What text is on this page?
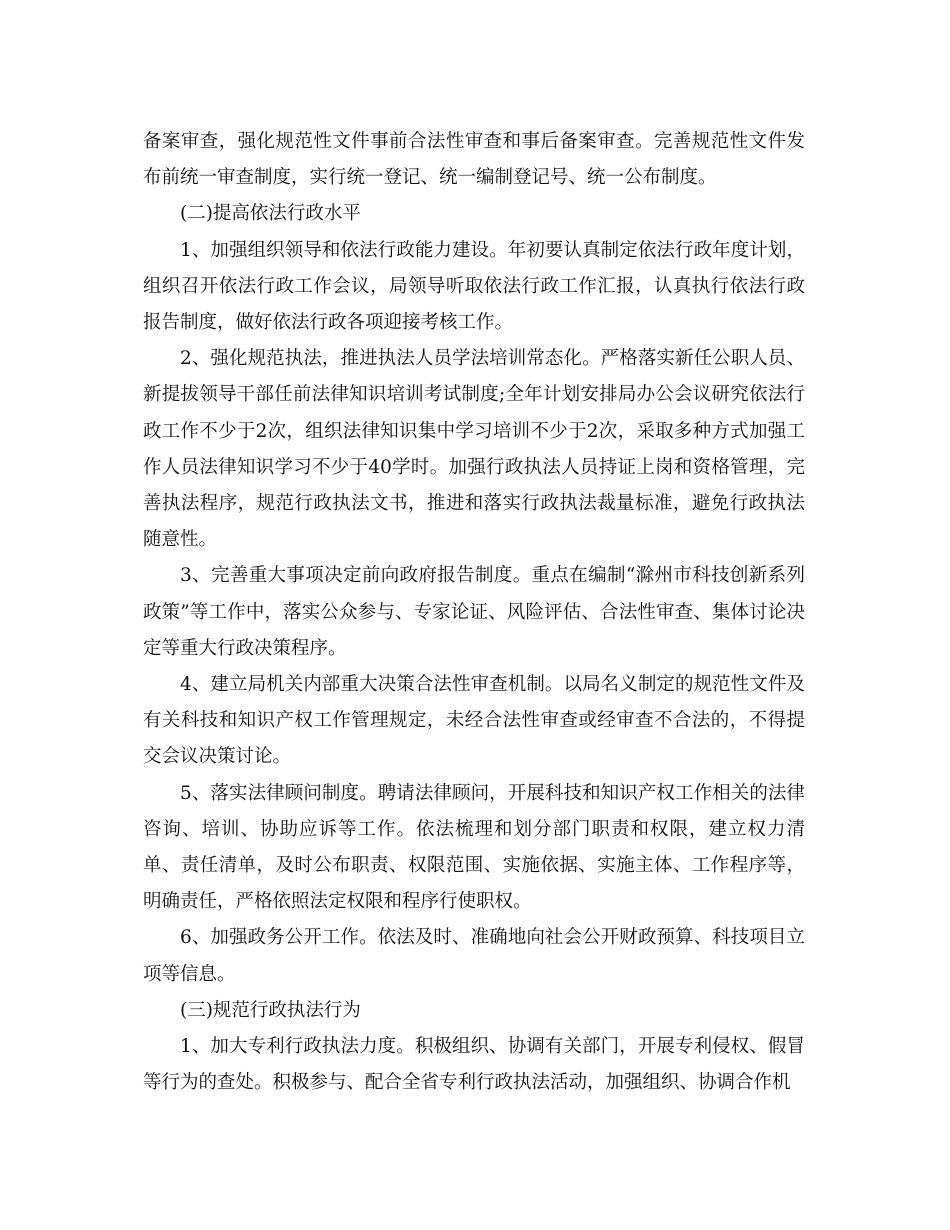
备案审查，强化规范性文件事前合法性审查和事后备案审查。完善规范性文件发布前统一审查制度，实行统一登记、统一编制登记号、统一公布制度。

(二)提高依法行政水平

1、加强组织领导和依法行政能力建设。年初要认真制定依法行政年度计划，组织召开依法行政工作会议，局领导听取依法行政工作汇报，认真执行依法行政报告制度，做好依法行政各项迎接考核工作。

2、强化规范执法，推进执法人员学法培训常态化。严格落实新任公职人员、新提拔领导干部任前法律知识培训考试制度;全年计划安排局办公会议研究依法行政工作不少于2次，组织法律知识集中学习培训不少于2次，采取多种方式加强工作人员法律知识学习不少于40学时。加强行政执法人员持证上岗和资格管理，完善执法程序，规范行政执法文书，推进和落实行政执法裁量标准，避免行政执法随意性。

3、完善重大事项决定前向政府报告制度。重点在编制“滁州市科技创新系列政策”等工作中，落实公众参与、专家论证、风险评估、合法性审查、集体讨论决定等重大行政决策程序。

4、建立局机关内部重大决策合法性审查机制。以局名义制定的规范性文件及有关科技和知识产权工作管理规定，未经合法性审查或经审查不合法的，不得提交会议决策讨论。

5、落实法律顾问制度。聘请法律顾问，开展科技和知识产权工作相关的法律咨询、培训、协助应诉等工作。依法梳理和划分部门职责和权限，建立权力清单、责任清单，及时公布职责、权限范围、实施依据、实施主体、工作程序等，明确责任，严格依照法定权限和程序行使职权。

6、加强政务公开工作。依法及时、准确地向社会公开财政预算、科技项目立项等信息。

(三)规范行政执法行为

1、加大专利行政执法力度。积极组织、协调有关部门，开展专利侵权、假冒等行为的查处。积极参与、配合全省专利行政执法活动，加强组织、协调合作机
